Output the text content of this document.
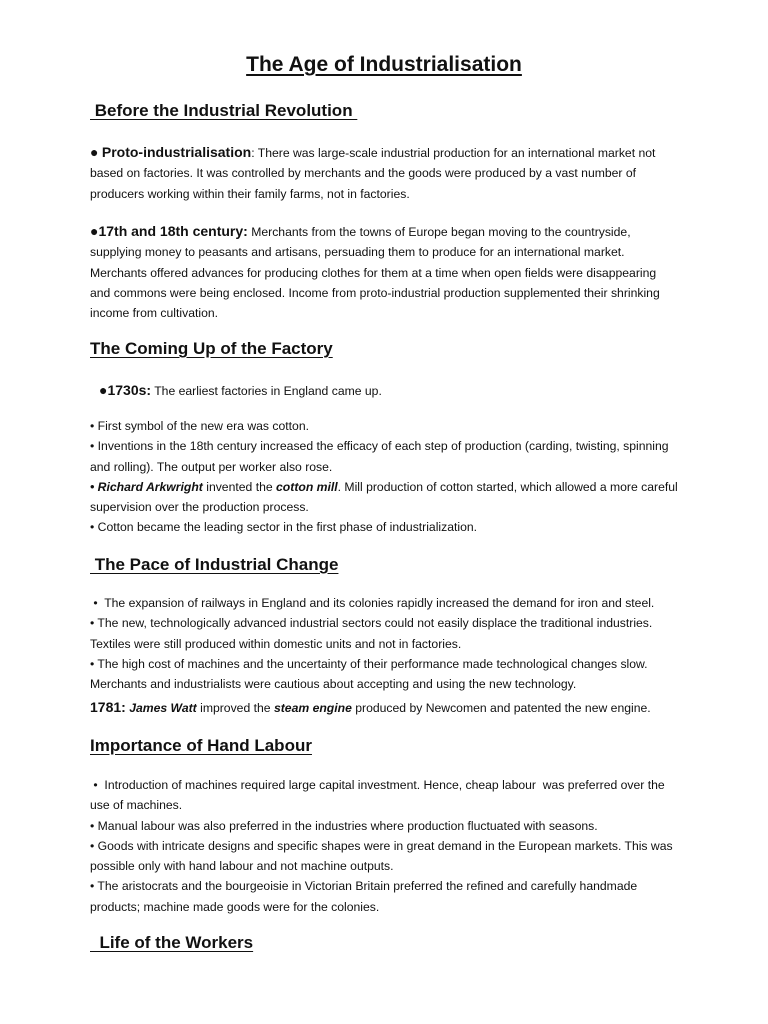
The Age of Industrialisation
Before the Industrial Revolution
● Proto-industrialisation: There was large-scale industrial production for an international market not based on factories. It was controlled by merchants and the goods were produced by a vast number of producers working within their family farms, not in factories.
●17th and 18th century: Merchants from the towns of Europe began moving to the countryside, supplying money to peasants and artisans, persuading them to produce for an international market. Merchants offered advances for producing clothes for them at a time when open fields were disappearing and commons were being enclosed. Income from proto-industrial production supplemented their shrinking income from cultivation.
The Coming Up of the Factory
●1730s: The earliest factories in England came up.
• First symbol of the new era was cotton.
• Inventions in the 18th century increased the efficacy of each step of production (carding, twisting, spinning and rolling). The output per worker also rose.
• Richard Arkwright invented the cotton mill. Mill production of cotton started, which allowed a more careful supervision over the production process.
• Cotton became the leading sector in the first phase of industrialization.
The Pace of Industrial Change
•  The expansion of railways in England and its colonies rapidly increased the demand for iron and steel.
• The new, technologically advanced industrial sectors could not easily displace the traditional industries. Textiles were still produced within domestic units and not in factories.
• The high cost of machines and the uncertainty of their performance made technological changes slow. Merchants and industrialists were cautious about accepting and using the new technology.
1781: James Watt improved the steam engine produced by Newcomen and patented the new engine.
Importance of Hand Labour
•  Introduction of machines required large capital investment. Hence, cheap labour  was preferred over the use of machines.
• Manual labour was also preferred in the industries where production fluctuated with seasons.
• Goods with intricate designs and specific shapes were in great demand in the European markets. This was possible only with hand labour and not machine outputs.
• The aristocrats and the bourgeoisie in Victorian Britain preferred the refined and carefully handmade products; machine made goods were for the colonies.
Life of the Workers
